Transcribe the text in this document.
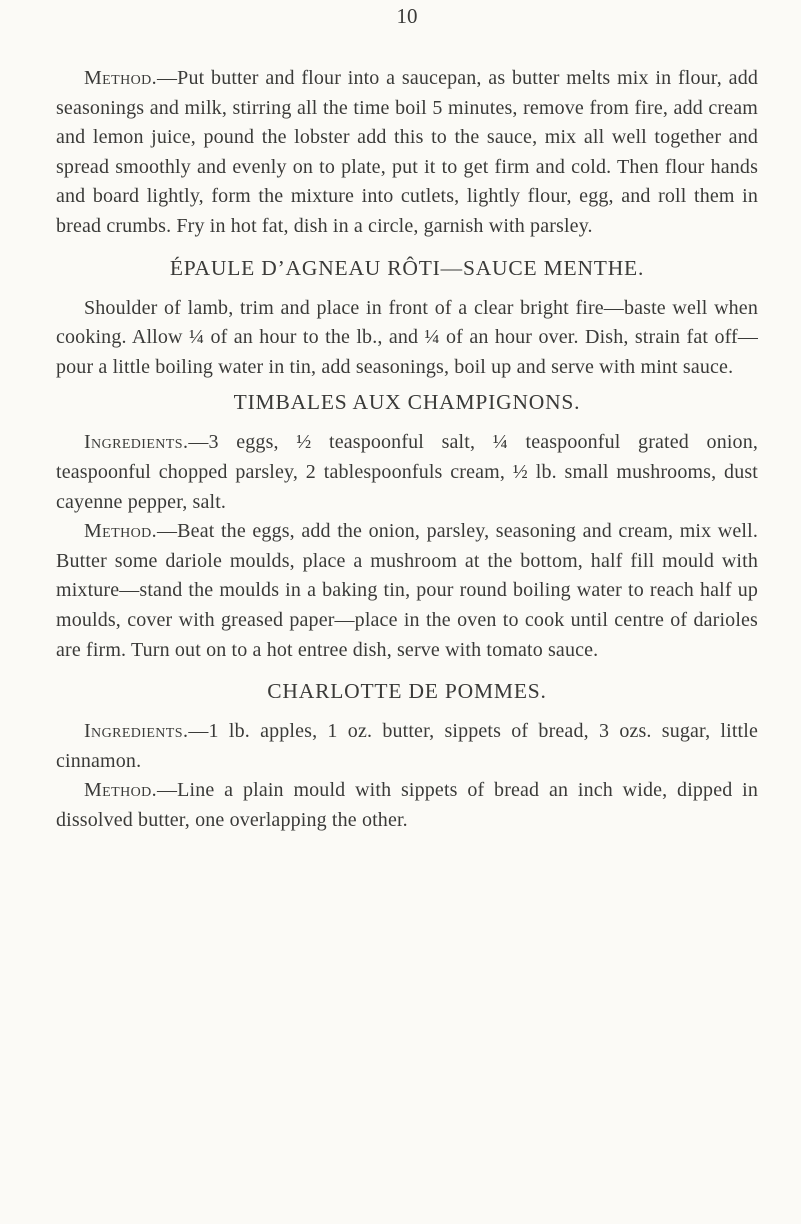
10

Method.—Put butter and flour into a saucepan, as butter melts mix in flour, add seasonings and milk, stirring all the time boil 5 minutes, remove from fire, add cream and lemon juice, pound the lobster add this to the sauce, mix all well together and spread smoothly and evenly on to plate, put it to get firm and cold. Then flour hands and board lightly, form the mixture into cutlets, lightly flour, egg, and roll them in bread crumbs. Fry in hot fat, dish in a circle, garnish with parsley.

ÉPAULE D’AGNEAU RÔTI—SAUCE MENTHE.

Shoulder of lamb, trim and place in front of a clear bright fire—baste well when cooking. Allow ¼ of an hour to the lb., and ¼ of an hour over. Dish, strain fat off—pour a little boiling water in tin, add seasonings, boil up and serve with mint sauce.

TIMBALES AUX CHAMPIGNONS.

Ingredients.—3 eggs, ½ teaspoonful salt, ¼ teaspoonful grated onion, teaspoonful chopped parsley, 2 tablespoonfuls cream, ½ lb. small mushrooms, dust cayenne pepper, salt.

Method.—Beat the eggs, add the onion, parsley, seasoning and cream, mix well. Butter some dariole moulds, place a mushroom at the bottom, half fill mould with mixture—stand the moulds in a baking tin, pour round boiling water to reach half up moulds, cover with greased paper—place in the oven to cook until centre of darioles are firm. Turn out on to a hot entree dish, serve with tomato sauce.

CHARLOTTE DE POMMES.

Ingredients.—1 lb. apples, 1 oz. butter, sippets of bread, 3 ozs. sugar, little cinnamon.

Method.—Line a plain mould with sippets of bread an inch wide, dipped in dissolved butter, one overlapping the other.
